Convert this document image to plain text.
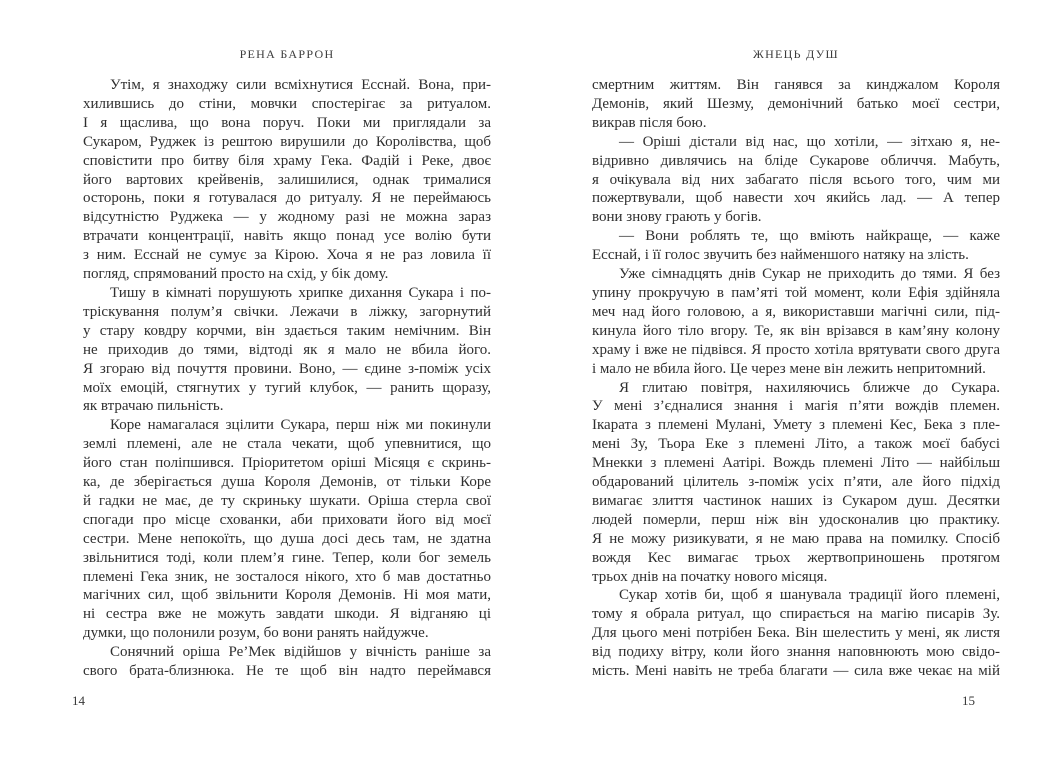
РЕНА БАРРОН
Утім, я знаходжу сили всміхнутися Есснай. Вона, при-
хилившись до стіни, мовчки спостерігає за ритуалом.
І я щаслива, що вона поруч. Поки ми приглядали за
Сукаром, Руджек із рештою вирушили до Королівства, щоб
сповістити про битву біля храму Гека. Фадій і Реке, двоє
його вартових крейвенів, залишилися, однак трималися
осторонь, поки я готувалася до ритуалу. Я не переймаюсь
відсутністю Руджека — у жодному разі не можна зараз
втрачати концентрації, навіть якщо понад усе волію бути
з ним. Есснай не сумує за Кірою. Хоча я не раз ловила її
погляд, спрямований просто на схід, у бік дому.
Тишу в кімнаті порушують хрипке дихання Сукара і по-
тріскування полум’я свічки. Лежачи в ліжку, загорнутий
у стару ковдру корчми, він здається таким немічним. Він
не приходив до тями, відтоді як я мало не вбила його.
Я згораю від почуття провини. Воно, — єдине з-поміж усіх
моїх емоцій, стягнутих у тугий клубок, — ранить щоразу,
як втрачаю пильність.
Коре намагалася зцілити Сукара, перш ніж ми покинули
землі племені, але не стала чекати, щоб упевнитися, що
його стан поліпшився. Пріоритетом оріші Місяця є скринь-
ка, де зберігається душа Короля Демонів, от тільки Коре
й гадки не має, де ту скриньку шукати. Оріша стерла свої
спогади про місце схованки, аби приховати його від моєї
сестри. Мене непокоїть, що душа досі десь там, не здатна
звільнитися тоді, коли плем’я гине. Тепер, коли бог земель
племені Гека зник, не зосталося нікого, хто б мав достатньо
магічних сил, щоб звільнити Короля Демонів. Ні моя мати,
ні сестра вже не можуть завдати шкоди. Я відганяю ці
думки, що полонили розум, бо вони ранять найдужче.
Сонячний оріша Ре’Мек відійшов у вічність раніше за
свого брата-близнюка. Не те щоб він надто переймався
14
ЖНЕЦЬ ДУШ
смертним життям. Він ганявся за кинджалом Короля
Демонів, який Шезму, демонічний батько моєї сестри,
викрав після бою.
— Оріші дістали від нас, що хотіли, — зітхаю я, не-
відривно дивлячись на бліде Сукарове обличчя. Мабуть,
я очікувала від них забагато після всього того, чим ми
пожертвували, щоб навести хоч якийсь лад. — А тепер
вони знову грають у богів.
— Вони роблять те, що вміють найкраще, — каже
Есснай, і її голос звучить без найменшого натяку на злість.
Уже сімнадцять днів Сукар не приходить до тями. Я без
упину прокручую в пам’яті той момент, коли Ефія здійняла
меч над його головою, а я, використавши магічні сили, під-
кинула його тіло вгору. Те, як він врізався в кам’яну колону
храму і вже не підвівся. Я просто хотіла врятувати свого друга
і мало не вбила його. Це через мене він лежить непритомний.
Я глитаю повітря, нахиляючись ближче до Сукара.
У мені з’єдналися знання і магія п’яти вождів племен.
Ікарата з племені Мулані, Умету з племені Кес, Бека з пле-
мені Зу, Тьора Еке з племені Літо, а також моєї бабусі
Мнекки з племені Аатірі. Вождь племені Літо — найбільш
обдарований цілитель з-поміж усіх п’яти, але його підхід
вимагає злиття частинок наших із Сукаром душ. Десятки
людей померли, перш ніж він удосконалив цю практику.
Я не можу ризикувати, я не маю права на помилку. Спосіб
вождя Кес вимагає трьох жертвоприношень протягом
трьох днів на початку нового місяця.
Сукар хотів би, щоб я шанувала традиції його племені,
тому я обрала ритуал, що спирається на магію писарів Зу.
Для цього мені потрібен Бека. Він шелестить у мені, як листя
від подиху вітру, коли його знання наповнюють мою свідо-
мість. Мені навіть не треба благати — сила вже чекає на мій
15
